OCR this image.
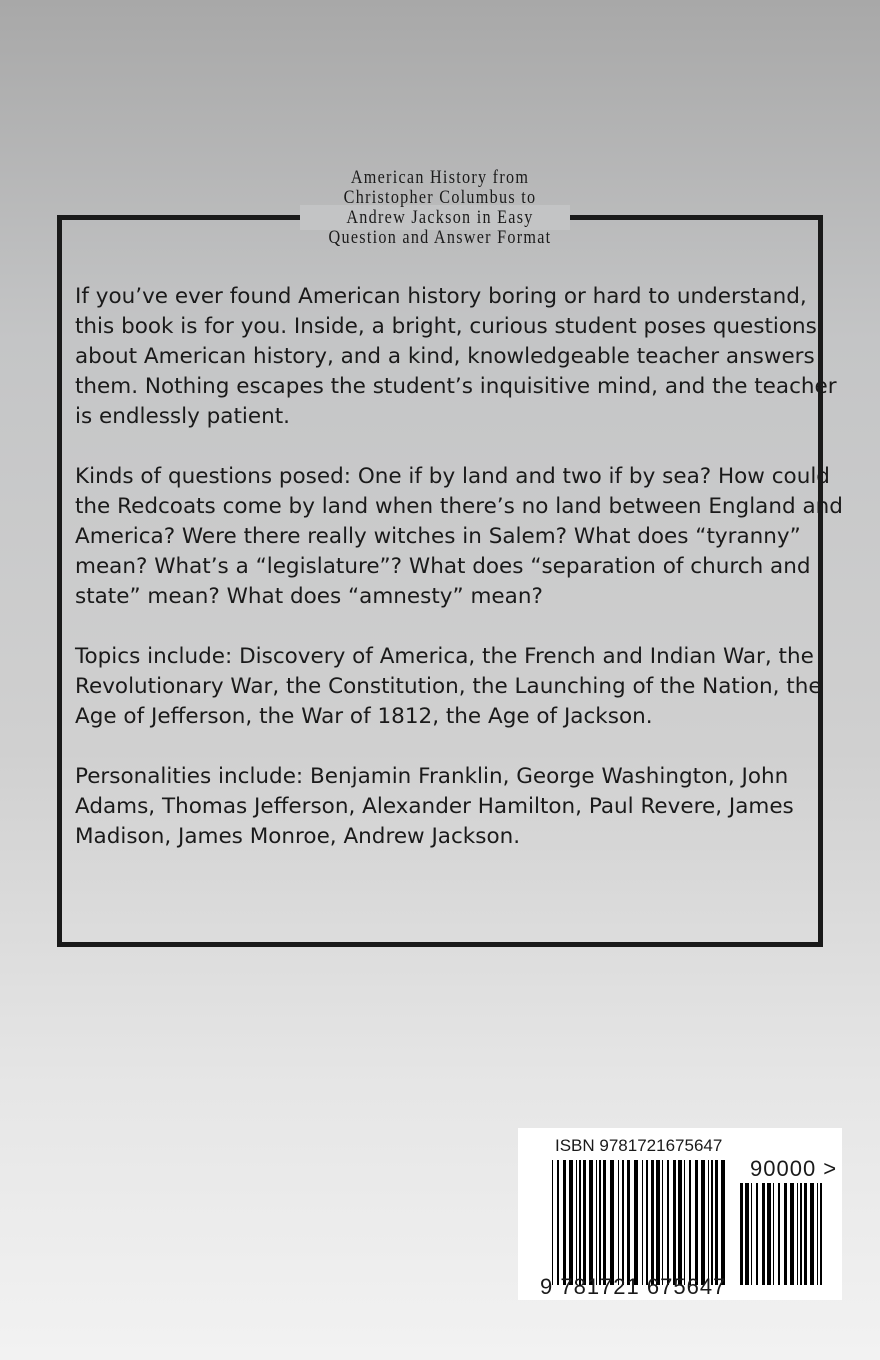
American History from
Christopher Columbus to
Andrew Jackson in Easy
Question and Answer Format
If you’ve ever found American history boring or hard to understand,
this book is for you. Inside, a bright, curious student poses questions
about American history, and a kind, knowledgeable teacher answers
them. Nothing escapes the student’s inquisitive mind, and the teacher
is endlessly patient.
Kinds of questions posed: One if by land and two if by sea? How could
the Redcoats come by land when there’s no land between England and
America? Were there really witches in Salem? What does “tyranny”
mean? What’s a “legislature”? What does “separation of church and
state” mean? What does “amnesty” mean?
Topics include: Discovery of America, the French and Indian War, the
Revolutionary War, the Constitution, the Launching of the Nation, the
Age of Jefferson, the War of 1812, the Age of Jackson.
Personalities include: Benjamin Franklin, George Washington, John
Adams, Thomas Jefferson, Alexander Hamilton, Paul Revere, James
Madison, James Monroe, Andrew Jackson.
ISBN 9781721675647
90000 >
9 781721 675647
